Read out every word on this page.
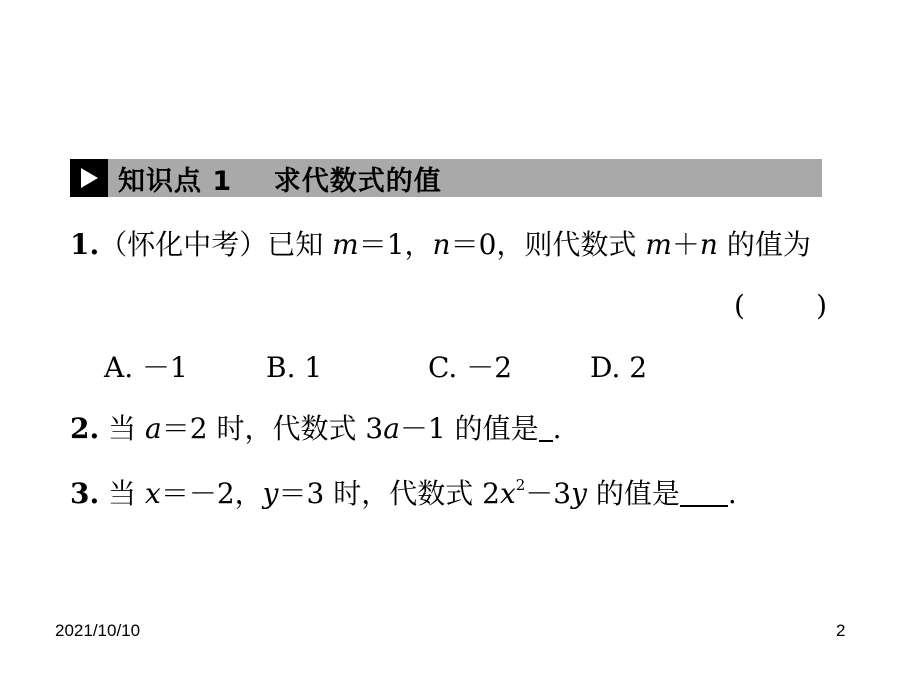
知识点 1    求代数式的值
1.（怀化中考）已知 m＝1，n＝0，则代数式 m＋n 的值为
(        )

A. －1

	B. 1

	C. －2

	D. 2

2. 当 a＝2 时，代数式 3a－1 的值是 .
3. 当 x＝－2，y＝3 时，代数式 $2x^2-3y$ 的值是 .
2021/10/10	2
